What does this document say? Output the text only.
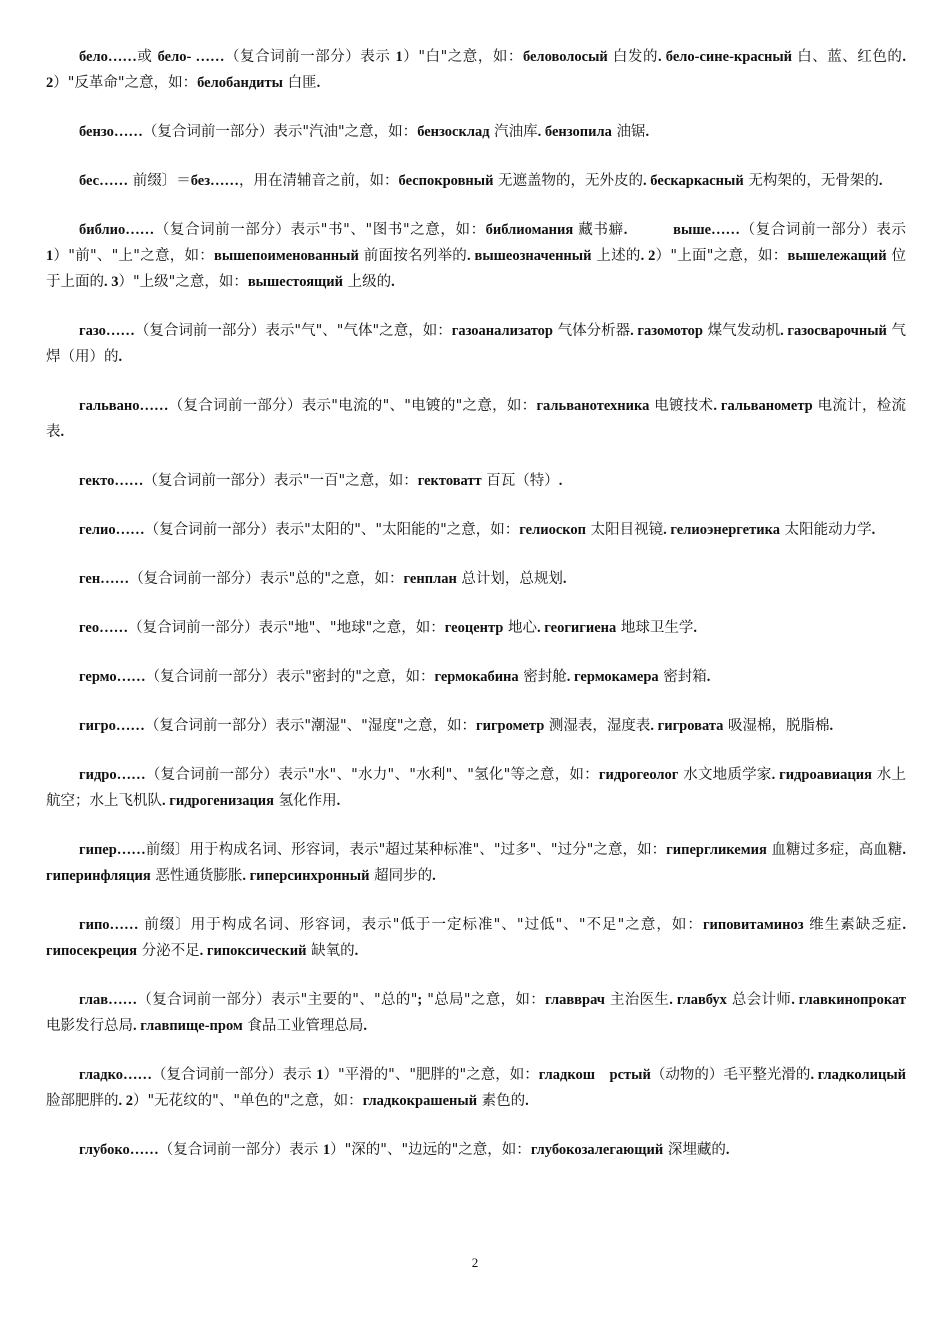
бело……或 бело- ……（复合词前一部分）表示 1）"白"之意，如：беловолосый 白发的. бело-сине-красный 白、蓝、红色的. 2）"反革命"之意，如：белобандиты 白匪.

бензо……（复合词前一部分）表示"汽油"之意，如：бензосклад 汽油库. бензопила 油锯.

бес…… 前缀〕＝без……，用在清辅音之前，如：беспокровный 无遮盖物的，无外皮的. бескаркасный 无构架的，无骨架的.

библио……（复合词前一部分）表示"书"、"图书"之意，如：библиомания 藏书癖.　　　	выше……（复合词前一部分）表示 1）"前"、"上"之意，如：вышепоименованный 前面按名列举的. вышеозначенный 上述的. 2）"上面"之意，如：вышележащий 位于上面的. 3）"上级"之意，如：вышестоящий 上级的.

газо……（复合词前一部分）表示"气"、"气体"之意，如：газоанализатор 气体分析器. газомотор 煤气发动机. газосварочный 气焊（用）的.

гальвано……（复合词前一部分）表示"电流的"、"电镀的"之意，如：гальванотехника 电镀技术. гальванометр 电流计，检流表.

гекто……（复合词前一部分）表示"一百"之意，如：гектоватт 百瓦（特）.

гелио……（复合词前一部分）表示"太阳的"、"太阳能的"之意，如：гелиоскоп 太阳目视镜. гелиоэнергетика 太阳能动力学.

ген……（复合词前一部分）表示"总的"之意，如：генплан 总计划，总规划.

гео……（复合词前一部分）表示"地"、"地球"之意，如：геоцентр 地心. геогигиена 地球卫生学.

гермо……（复合词前一部分）表示"密封的"之意，如：гермокабина 密封舱. гермокамера 密封箱.

гигро……（复合词前一部分）表示"潮湿"、"湿度"之意，如：гигрометр 测湿表，湿度表. гигровата 吸湿棉，脱脂棉.

гидро……（复合词前一部分）表示"水"、"水力"、"水利"、"氢化"等之意，如：гидрогеолог 水文地质学家. гидроавиация 水上航空；水上飞机队. гидрогенизация 氢化作用.

гипер……前缀〕用于构成名词、形容词，表示"超过某种标准"、"过多"、"过分"之意，如：гипергликемия 血糖过多症，高血糖. гиперинфляция 恶性通货膨胀. гиперсинхронный 超同步的.

гипо…… 前缀〕用于构成名词、形容词，表示"低于一定标准"、"过低"、"不足"之意，如：гиповитаминоз 维生素缺乏症. гипосекреция 分泌不足. гипоксический 缺氧的.

глав……（复合词前一部分）表示"主要的"、"总的"; "总局"之意，如：главврач 主治医生. главбух 总会计师. главкинопрокат 电影发行总局. главпище-пром 食品工业管理总局.

гладко……（复合词前一部分）表示 1）"平滑的"、"肥胖的"之意，如：гладкош　рстый（动物的）毛平整光滑的. гладколицый 脸部肥胖的. 2）"无花纹的"、"单色的"之意，如：гладкокрашеный 素色的.

глубоко……（复合词前一部分）表示 1）"深的"、"边远的"之意，如：глубокозалегающий 深埋藏的.

2
